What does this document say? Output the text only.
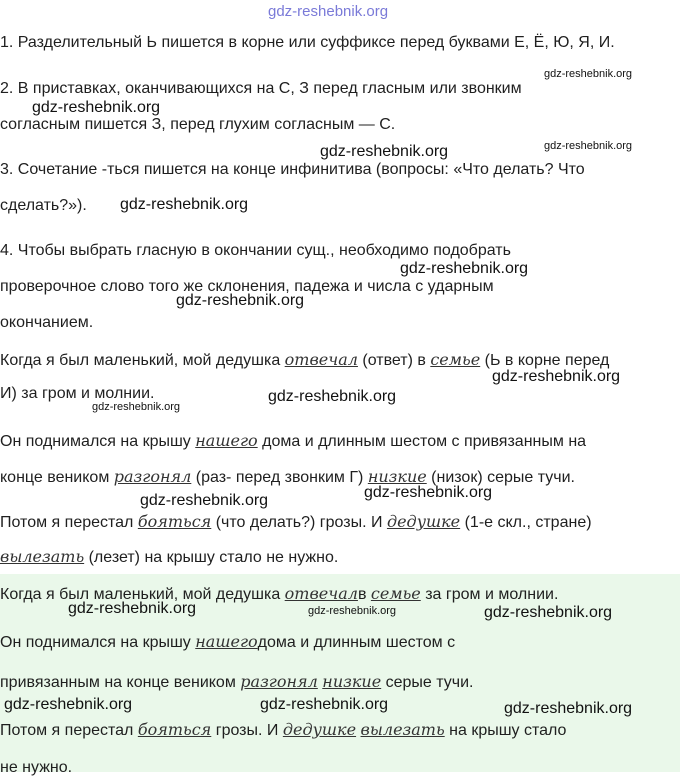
gdz-reshebnik.org
1. Разделительный Ь пишется в корне или суффиксе перед буквами Е, Ё, Ю, Я, И.
2. В приставках, оканчивающихся на С, З перед гласным или звонким
согласным пишется З, перед глухим согласным — С.
3. Сочетание -ться пишется на конце инфинитива (вопросы: «Что делать? Что
сделать?»).
4. Чтобы выбрать гласную в окончании сущ., необходимо подобрать
проверочное слово того же склонения, падежа и числа с ударным
окончанием.
Когда я был маленький, мой дедушка отвечал (ответ) в семье (Ь в корне перед
И) за гром и молнии.
Он поднимался на крышу нашего дома и длинным шестом с привязанным на
конце веником разгонял (раз- перед звонким Г) низкие (низок) серые тучи.
Потом я перестал бояться (что делать?) грозы. И дедушке (1-е скл., стране)
вылезать (лезет) на крышу стало не нужно.
Когда я был маленький, мой дедушка отвечалв семье за гром и молнии.
Он поднимался на крышу нашегодома и длинным шестом с
привязанным на конце веником разгонял низкие серые тучи.
Потом я перестал бояться грозы. И дедушке вылезать на крышу стало
не нужно.
gdz-reshebnik.org
gdz-reshebnik.org
gdz-reshebnik.org
gdz-reshebnik.org
gdz-reshebnik.org
gdz-reshebnik.org
gdz-reshebnik.org
gdz-reshebnik.org
gdz-reshebnik.org
gdz-reshebnik.org
gdz-reshebnik.org
gdz-reshebnik.org
gdz-reshebnik.org	gdz-reshebnik.org	gdz-reshebnik.org
gdz-reshebnik.org	gdz-reshebnik.org	gdz-reshebnik.org
